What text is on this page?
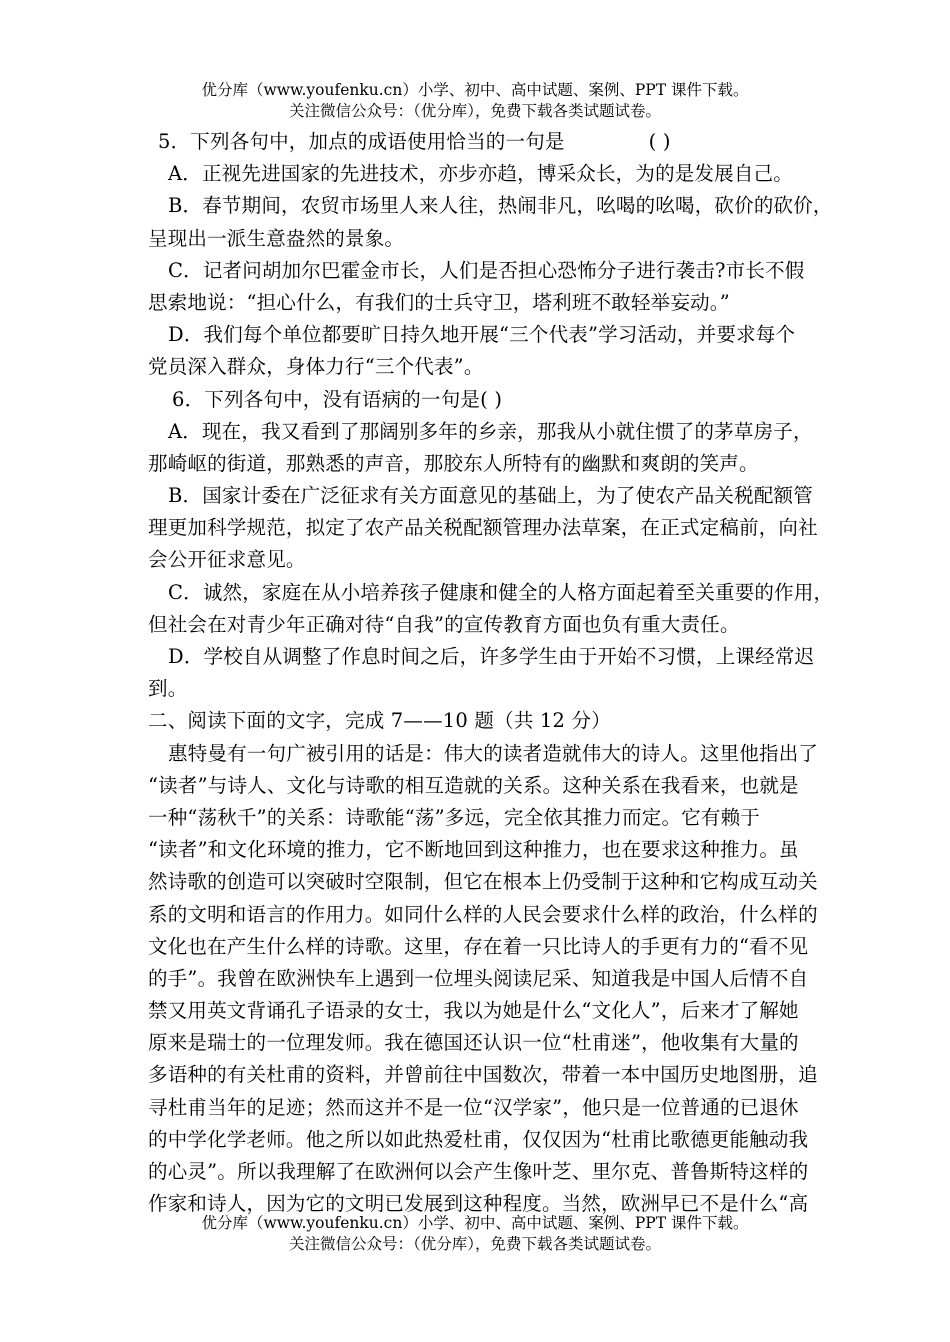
优分库（www.youfenku.cn）小学、初中、高中试题、案例、PPT 课件下载。
关注微信公众号：（优分库），免费下载各类试题试卷。
5．下列各句中，加点的成语使用恰当的一句是	( )
A．正视先进国家的先进技术，亦步亦趋，博采众长，为的是发展自己。
B．春节期间，农贸市场里人来人往，热闹非凡，吆喝的吆喝，砍价的砍价，
呈现出一派生意盎然的景象。
C．记者问胡加尔巴霍金市长，人们是否担心恐怖分子进行袭击?市长不假
思索地说：“担心什么，有我们的士兵守卫，塔利班不敢轻举妄动。”
D．我们每个单位都要旷日持久地开展“三个代表”学习活动，并要求每个
党员深入群众，身体力行“三个代表”。
6．下列各句中，没有语病的一句是( )
A．现在，我又看到了那阔别多年的乡亲，那我从小就住惯了的茅草房子，
那崎岖的街道，那熟悉的声音，那胶东人所特有的幽默和爽朗的笑声。
B．国家计委在广泛征求有关方面意见的基础上，为了使农产品关税配额管
理更加科学规范，拟定了农产品关税配额管理办法草案，在正式定稿前，向社
会公开征求意见。
C．诚然，家庭在从小培养孩子健康和健全的人格方面起着至关重要的作用，
但社会在对青少年正确对待“自我”的宣传教育方面也负有重大责任。
D．学校自从调整了作息时间之后，许多学生由于开始不习惯，上课经常迟
到。
二、阅读下面的文字，完成 7——10 题（共 12 分）
惠特曼有一句广被引用的话是：伟大的读者造就伟大的诗人。这里他指出了
“读者”与诗人、文化与诗歌的相互造就的关系。这种关系在我看来，也就是
一种“荡秋千”的关系：诗歌能“荡”多远，完全依其推力而定。它有赖于
“读者”和文化环境的推力，它不断地回到这种推力，也在要求这种推力。虽
然诗歌的创造可以突破时空限制，但它在根本上仍受制于这种和它构成互动关
系的文明和语言的作用力。如同什么样的人民会要求什么样的政治，什么样的
文化也在产生什么样的诗歌。这里，存在着一只比诗人的手更有力的“看不见
的手”。我曾在欧洲快车上遇到一位埋头阅读尼采、知道我是中国人后情不自
禁又用英文背诵孔子语录的女士，我以为她是什么“文化人”，后来才了解她
原来是瑞士的一位理发师。我在德国还认识一位“杜甫迷”，他收集有大量的
多语种的有关杜甫的资料，并曾前往中国数次，带着一本中国历史地图册，追
寻杜甫当年的足迹；然而这并不是一位“汉学家”，他只是一位普通的已退休
的中学化学老师。他之所以如此热爱杜甫，仅仅因为“杜甫比歌德更能触动我
的心灵”。所以我理解了在欧洲何以会产生像叶芝、里尔克、普鲁斯特这样的
作家和诗人，因为它的文明已发展到这种程度。当然，欧洲早已不是什么“高
优分库（www.youfenku.cn）小学、初中、高中试题、案例、PPT 课件下载。
关注微信公众号：（优分库），免费下载各类试题试卷。
